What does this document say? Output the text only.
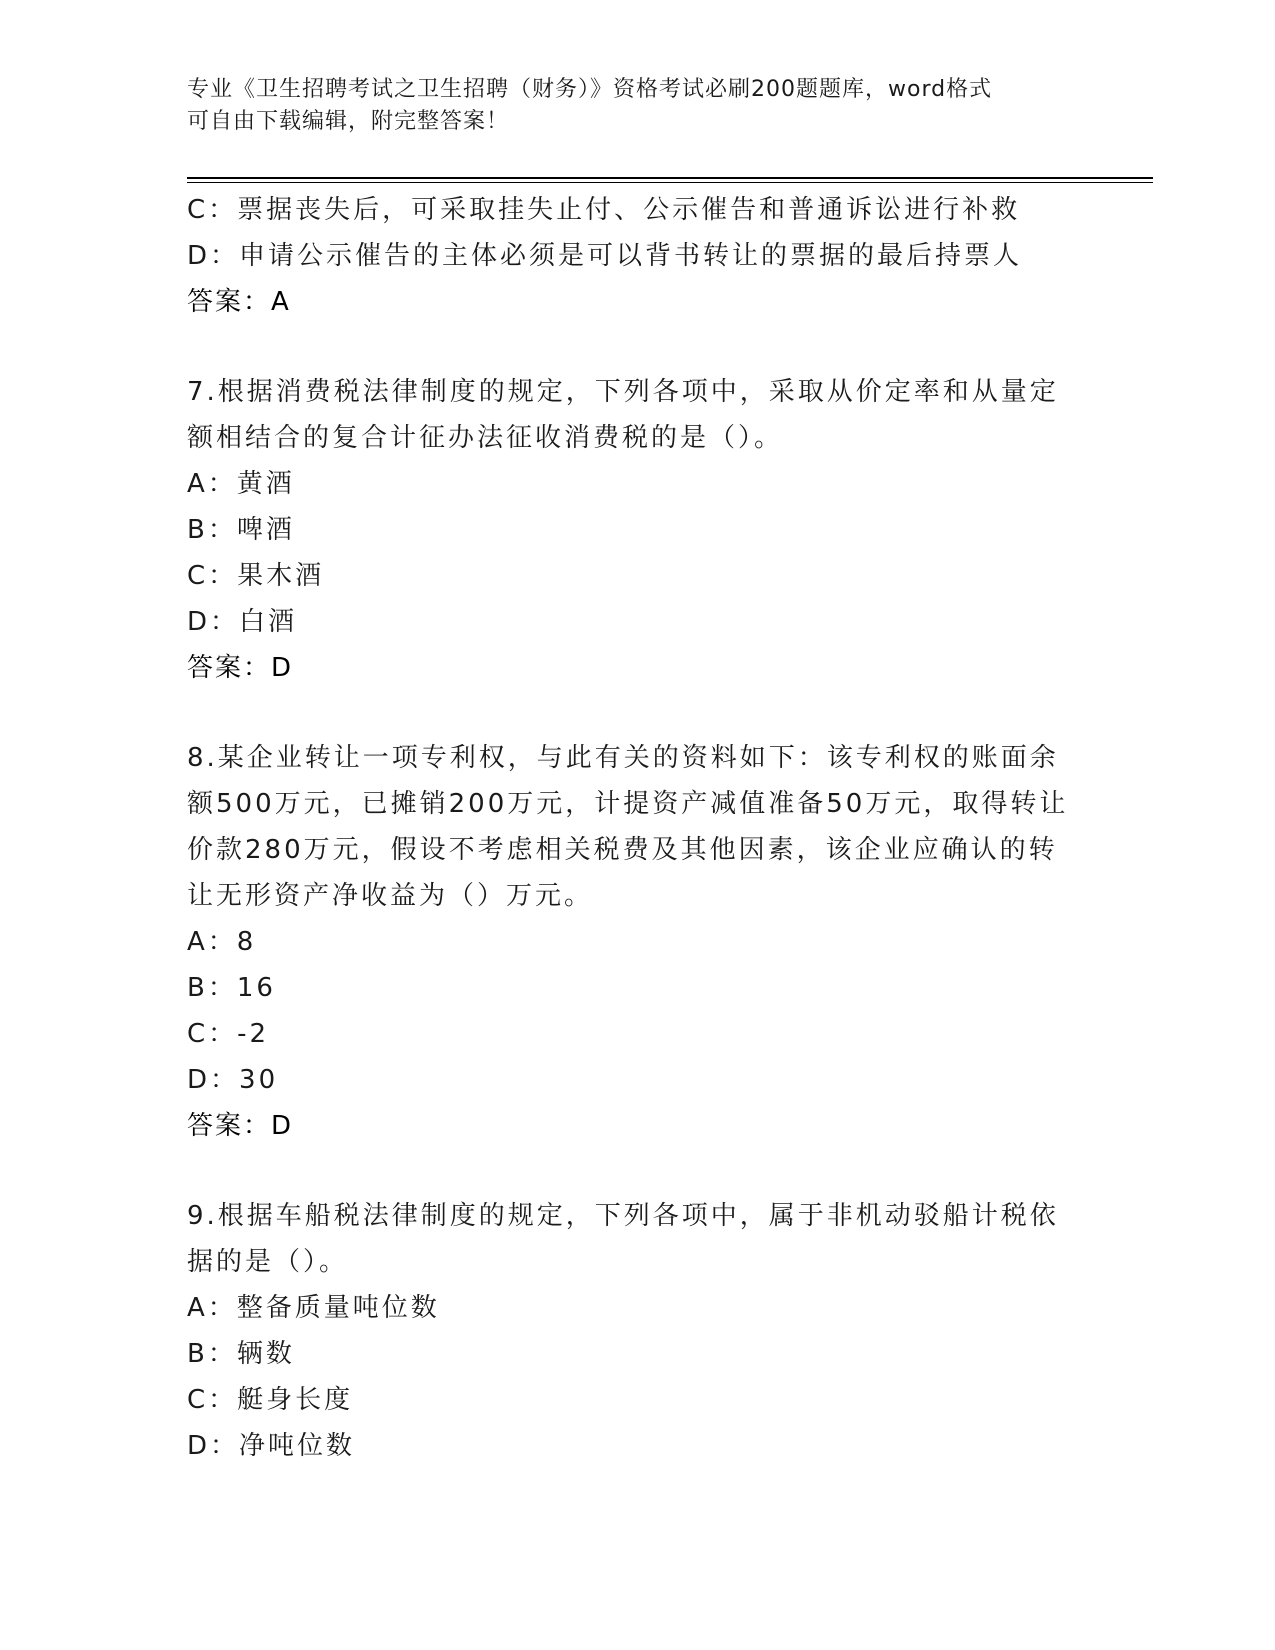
专业《卫生招聘考试之卫生招聘（财务）》资格考试必刷200题题库，word格式
可自由下载编辑，附完整答案！
C：票据丧失后，可采取挂失止付、公示催告和普通诉讼进行补救
D：申请公示催告的主体必须是可以背书转让的票据的最后持票人
答案：A
7.根据消费税法律制度的规定，下列各项中，采取从价定率和从量定
额相结合的复合计征办法征收消费税的是（）。
A：黄酒
B：啤酒
C：果木酒
D：白酒
答案：D
8.某企业转让一项专利权，与此有关的资料如下：该专利权的账面余
额500万元，已摊销200万元，计提资产减值准备50万元，取得转让
价款280万元，假设不考虑相关税费及其他因素，该企业应确认的转
让无形资产净收益为（）万元。
A：8
B：16
C：-2
D：30
答案：D
9.根据车船税法律制度的规定，下列各项中，属于非机动驳船计税依
据的是（）。
A：整备质量吨位数
B：辆数
C：艇身长度
D：净吨位数
